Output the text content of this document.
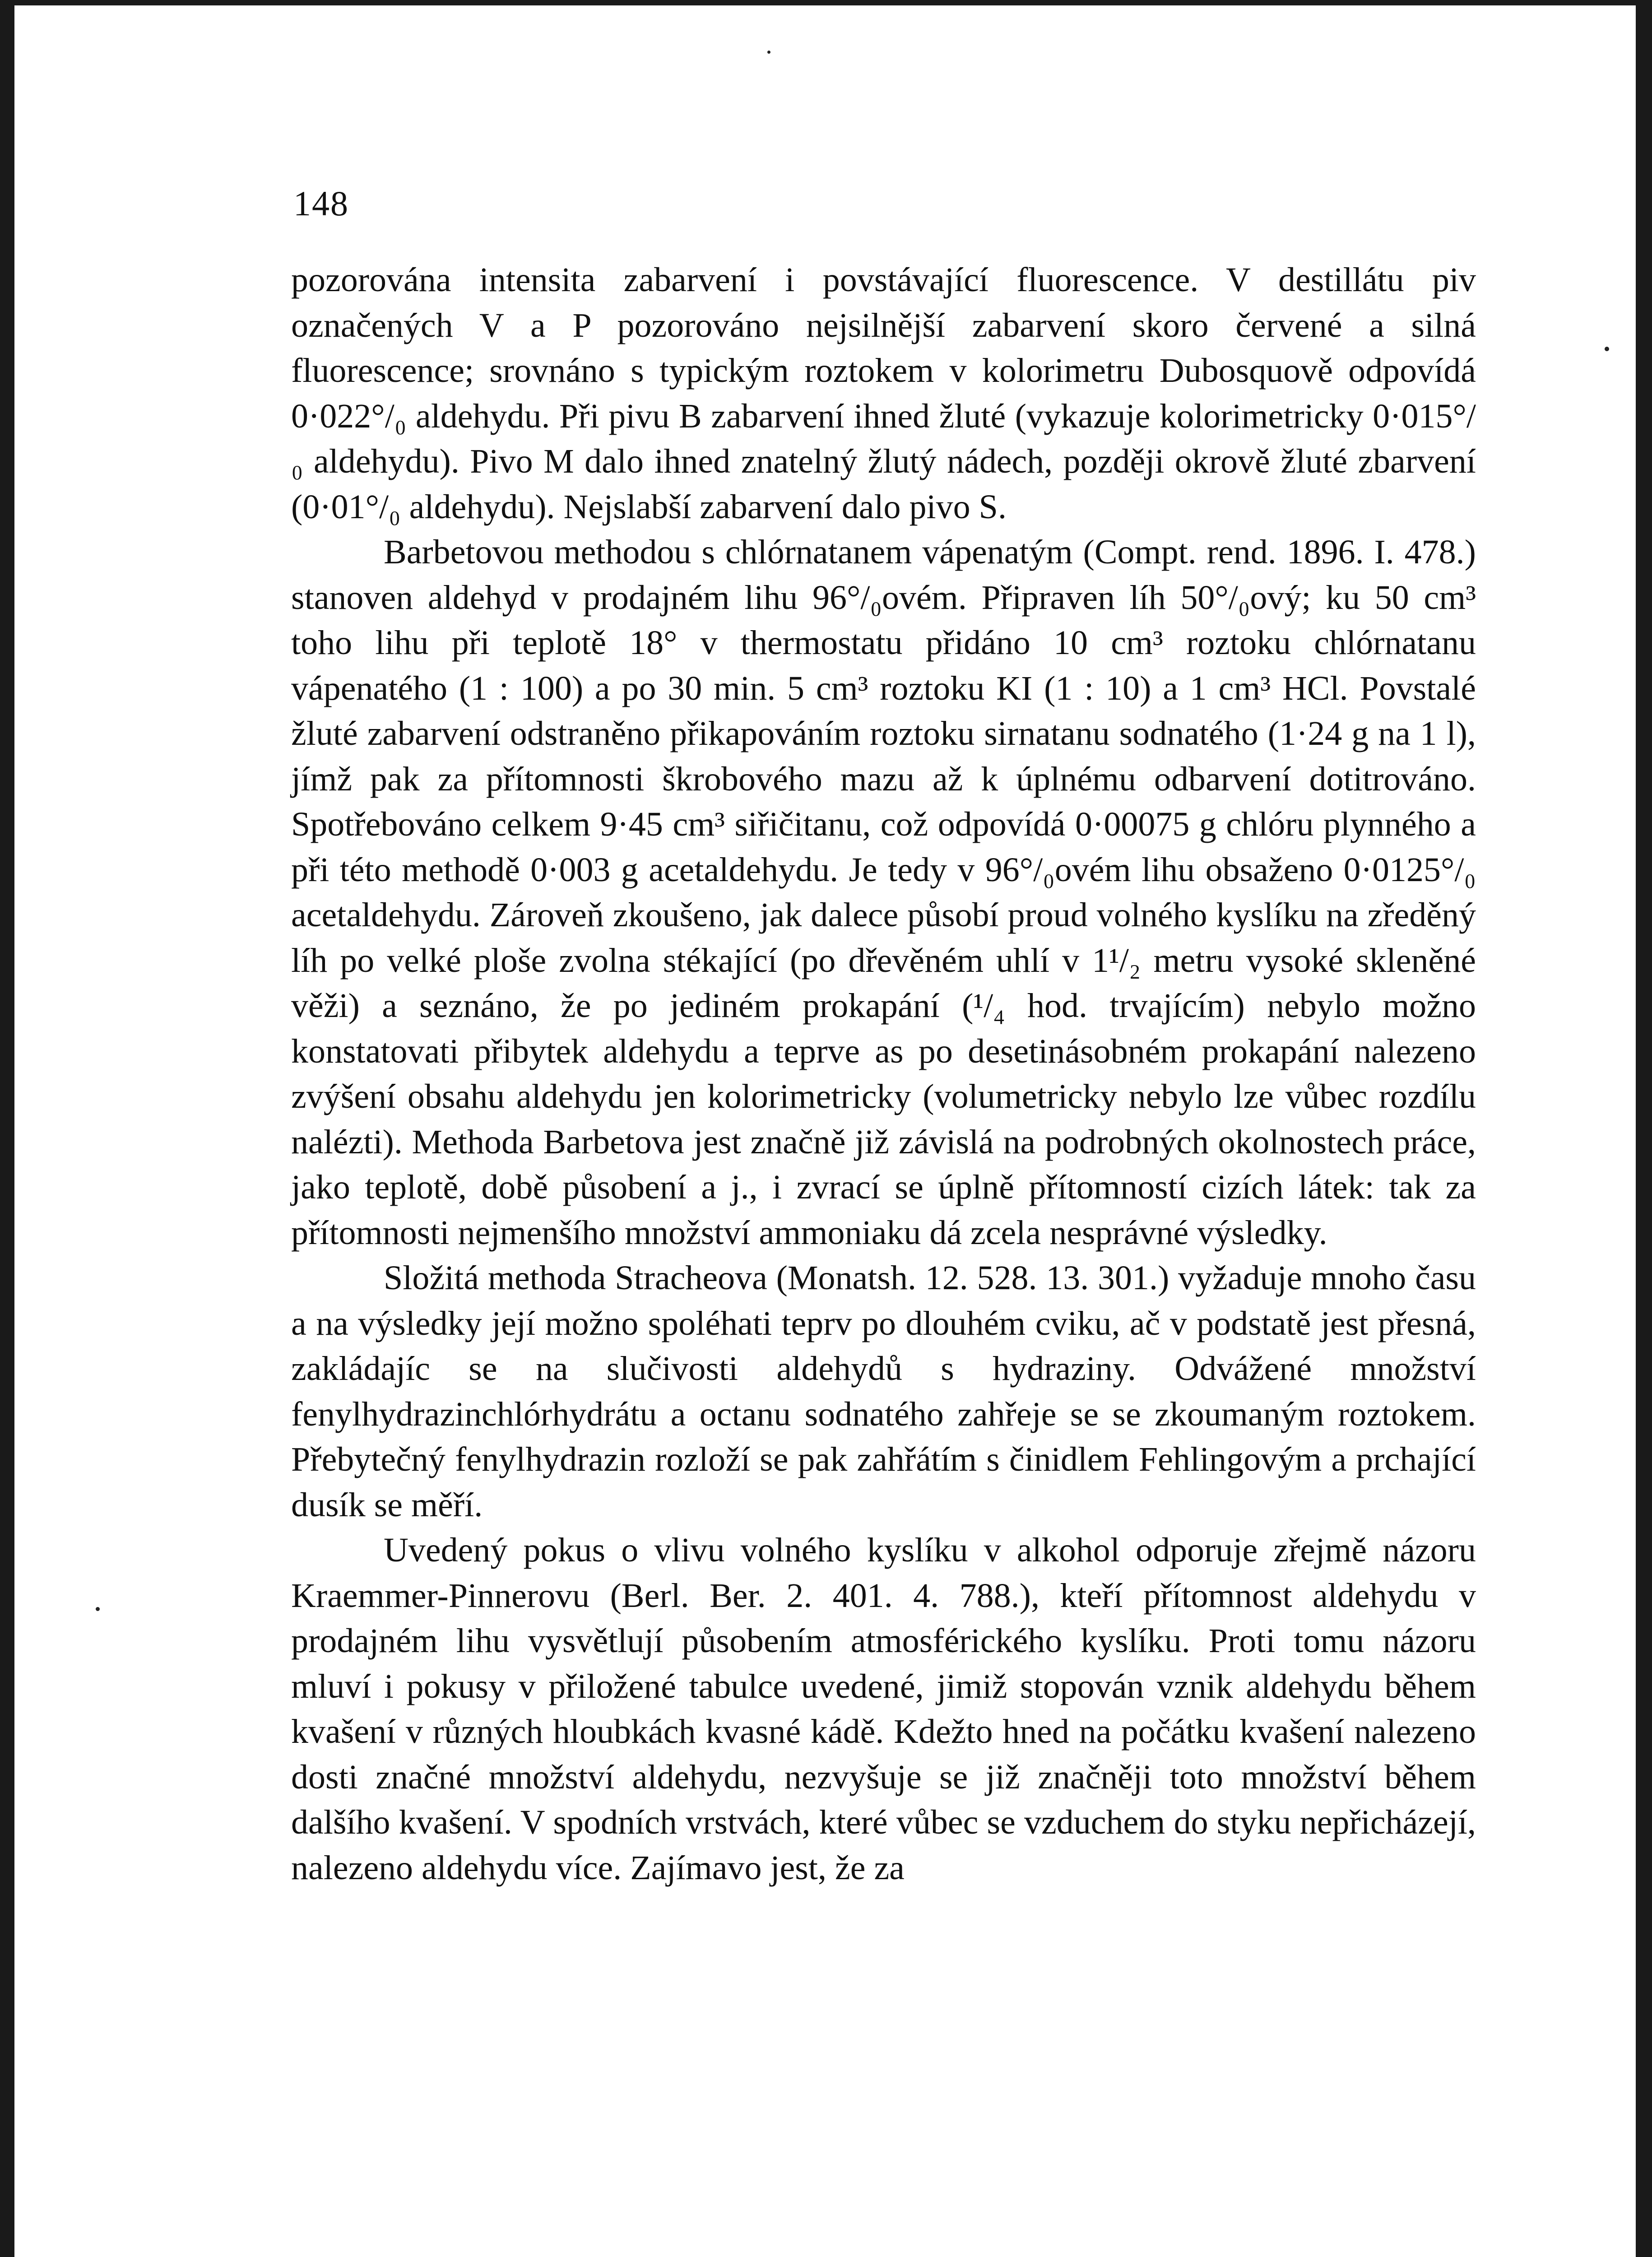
148

pozorována intensita zabarvení i povstávající fluorescence. V destillátu piv označených V a P pozorováno nejsilnější zabarvení skoro červené a silná fluorescence; srovnáno s typickým roztokem v kolorimetru Dubosquově odpovídá 0·022°/₀ aldehydu. Při pivu B zabarvení ihned žluté (vykazuje kolorimetricky 0·015°/₀ aldehydu). Pivo M dalo ihned znatelný žlutý nádech, později okrově žluté zbarvení (0·01°/₀ aldehydu). Nejslabší zabarvení dalo pivo S.

Barbetovou methodou s chlórnatanem vápenatým (Compt. rend. 1896. I. 478.) stanoven aldehyd v prodajném lihu 96°/₀ovém. Připraven líh 50°/₀ový; ku 50 cm³ toho lihu při teplotě 18° v thermostatu přidáno 10 cm³ roztoku chlórnatanu vápenatého (1 : 100) a po 30 min. 5 cm³ roztoku KI (1 : 10) a 1 cm³ HCl. Povstalé žluté zabarvení odstraněno přikapováním roztoku sirnatanu sodnatého (1·24 g na 1 l), jímž pak za přítomnosti škrobového mazu až k úplnému odbarvení dotitrováno. Spotřebováno celkem 9·45 cm³ siřičitanu, což odpovídá 0·00075 g chlóru plynného a při této methodě 0·003 g acetaldehydu. Je tedy v 96°/₀ovém lihu obsaženo 0·0125°/₀ acetaldehydu. Zároveň zkoušeno, jak dalece působí proud volného kyslíku na zředěný líh po velké ploše zvolna stékající (po dřevěném uhlí v 1¹/₂ metru vysoké skleněné věži) a seznáno, že po jediném prokapání (¹/₄ hod. trvajícím) nebylo možno konstatovati přibytek aldehydu a teprve as po desetinásobném prokapání nalezeno zvýšení obsahu aldehydu jen kolorimetricky (volumetricky nebylo lze vůbec rozdílu nalézti). Methoda Barbetova jest značně již závislá na podrobných okolnostech práce, jako teplotě, době působení a j., i zvrací se úplně přítomností cizích látek: tak za přítomnosti nejmenšího množství ammoniaku dá zcela nesprávné výsledky.

Složitá methoda Stracheova (Monatsh. 12. 528. 13. 301.) vyžaduje mnoho času a na výsledky její možno spoléhati teprv po dlouhém cviku, ač v podstatě jest přesná, zakládajíc se na slučivosti aldehydů s hydraziny. Odvážené množství fenylhydrazinchlórhydrátu a octanu sodnatého zahřeje se se zkoumaným roztokem. Přebytečný fenylhydrazin rozloží se pak zahřátím s činidlem Fehlingovým a prchající dusík se měří.

Uvedený pokus o vlivu volného kyslíku v alkohol odporuje zřejmě názoru Kraemmer-Pinnerovu (Berl. Ber. 2. 401. 4. 788.), kteří přítomnost aldehydu v prodajném lihu vysvětlují působením atmosférického kyslíku. Proti tomu názoru mluví i pokusy v přiložené tabulce uvedené, jimiž stopován vznik aldehydu během kvašení v různých hloubkách kvasné kádě. Kdežto hned na počátku kvašení nalezeno dosti značné množství aldehydu, nezvyšuje se již značněji toto množství během dalšího kvašení. V spodních vrstvách, které vůbec se vzduchem do styku nepřicházejí, nalezeno aldehydu více. Zajímavo jest, že za
